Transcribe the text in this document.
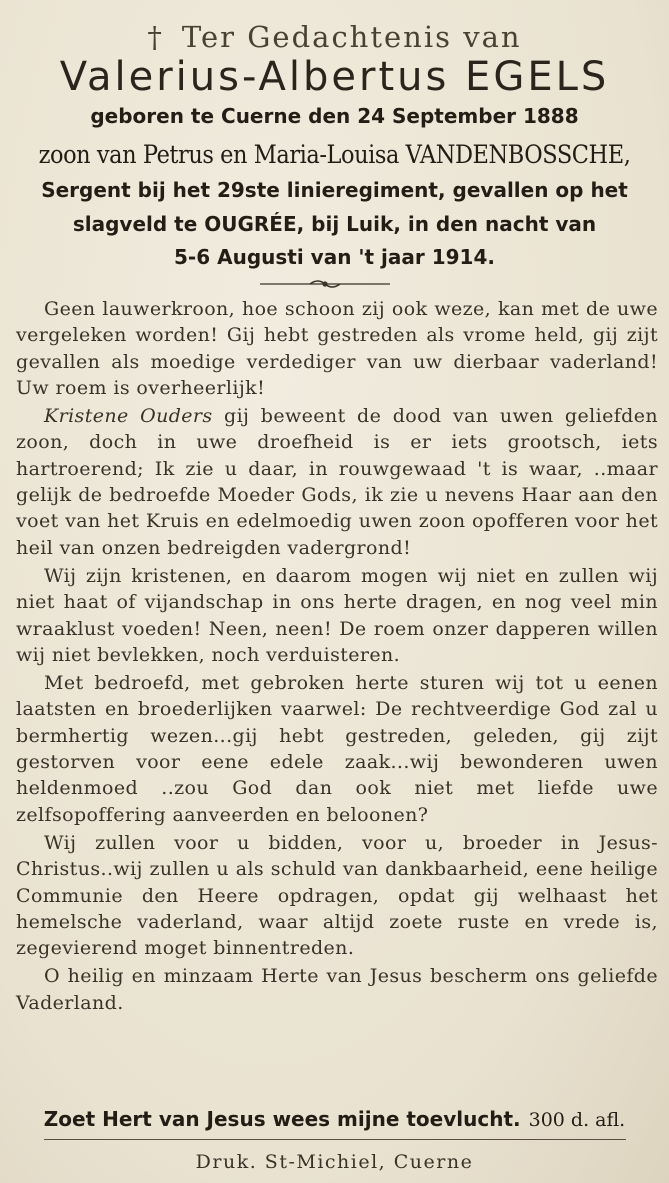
† Ter Gedachtenis van
Valerius-Albertus EGELS
geboren te Cuerne den 24 September 1888
zoon van Petrus en Maria-Louisa VANDENBOSSCHE,
Sergent bij het 29ste linieregiment, gevallen op het
slagveld te OUGRÉE, bij Luik, in den nacht van
5-6 Augusti van 't jaar 1914.

Geen lauwerkroon, hoe schoon zij ook weze, kan met de uwe vergeleken worden! Gij hebt gestreden als vrome held, gij zijt gevallen als moedige verdediger van uw dierbaar vaderland! Uw roem is overheerlijk!

Kristene Ouders gij beweent de dood van uwen geliefden zoon, doch in uwe droefheid is er iets grootsch, iets hartroerend; Ik zie u daar, in rouwgewaad 't is waar, ..maar gelijk de bedroefde Moeder Gods, ik zie u nevens Haar aan den voet van het Kruis en edelmoedig uwen zoon opofferen voor het heil van onzen bedreigden vadergrond!

Wij zijn kristenen, en daarom mogen wij niet en zullen wij niet haat of vijandschap in ons herte dragen, en nog veel min wraaklust voeden! Neen, neen! De roem onzer dapperen willen wij niet bevlekken, noch verduisteren.

Met bedroefd, met gebroken herte sturen wij tot u eenen laatsten en broederlijken vaarwel: De rechtveerdige God zal u bermhertig wezen...gij hebt gestreden, geleden, gij zijt gestorven voor eene edele zaak...wij bewonderen uwen heldenmoed ..zou God dan ook niet met liefde uwe zelfsopoffering aanveerden en beloonen?

Wij zullen voor u bidden, voor u, broeder in Jesus-Christus..wij zullen u als schuld van dankbaarheid, eene heilige Communie den Heere opdragen, opdat gij welhaast het hemelsche vaderland, waar altijd zoete ruste en vrede is, zegevierend moget binnentreden.

O heilig en minzaam Herte van Jesus bescherm ons geliefde Vaderland.

Zoet Hert van Jesus wees mijne toevlucht. 300 d. afl.
Druk. St-Michiel, Cuerne
